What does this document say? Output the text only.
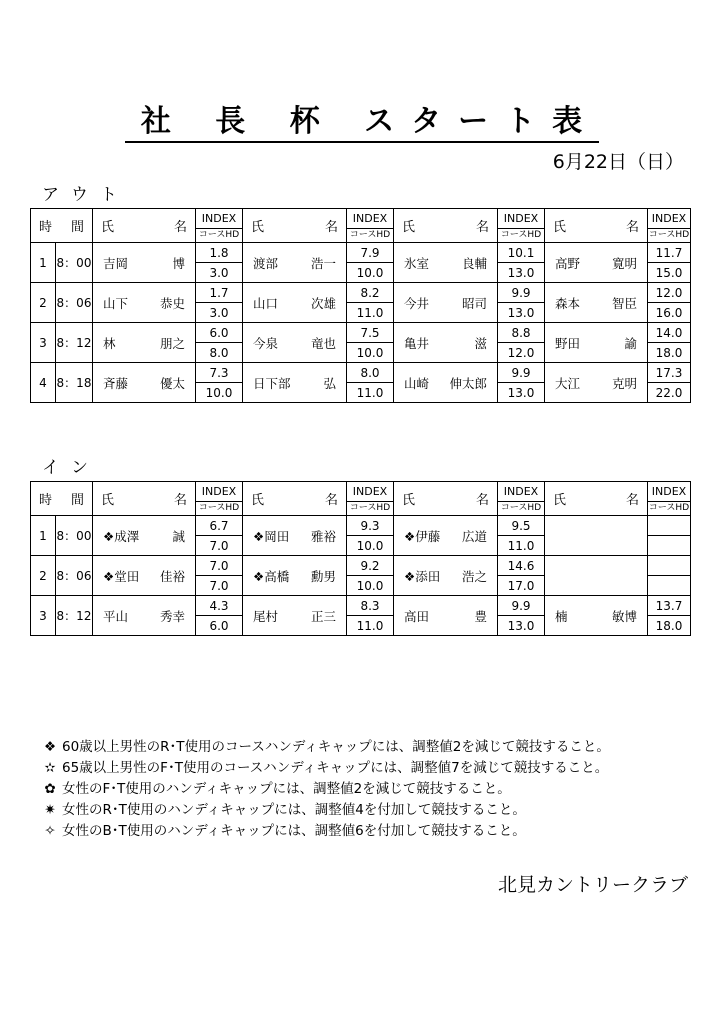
社 長 杯 スタート表
6月22日（日）
アウト
時 間		氏 名	INDEX	氏 名	INDEX	氏 名	INDEX	氏 名	INDEX
			コースHD		コースHD		コースHD		コースHD
1	8：00	吉岡 博	1.8	渡部 浩一	7.9	氷室 良輔	10.1	高野 寛明	11.7
			3.0		10.0		13.0		15.0
2	8：06	山下 恭史	1.7	山口 次雄	8.2	今井 昭司	9.9	森本 智臣	12.0
			3.0		11.0		13.0		16.0
3	8：12	林 朋之	6.0	今泉 竜也	7.5	亀井 滋	8.8	野田 諭	14.0
			8.0		10.0		12.0		18.0
4	8：18	斉藤 優太	7.3	日下部 弘	8.0	山崎 伸太郎	9.9	大江 克明	17.3
			10.0		11.0		13.0		22.0
イン
時 間		氏 名	INDEX	氏 名	INDEX	氏 名	INDEX	氏 名	INDEX
			コースHD		コースHD		コースHD		コースHD
1	8：00	❖成澤 誠	6.7	❖岡田 雅裕	9.3	❖伊藤 広道	9.5	

			7.0		10.0		11.0		
2	8：06	❖堂田 佳裕	7.0	❖高橋 勳男	9.2	❖添田 浩之	14.6	

			7.0		10.0		17.0		
3	8：12	平山 秀幸	4.3	尾村 正三	8.3	高田 豊	9.9	楠 敏博	13.7
			6.0		11.0		13.0		18.0
❖ 60歳以上男性のR･T使用のコースハンディキャップには、調整値2を減じて競技すること。
✫ 65歳以上男性のF･T使用のコースハンディキャップには、調整値7を減じて競技すること。
✿ 女性のF･T使用のハンディキャップには、調整値2を減じて競技すること。
✷ 女性のR･T使用のハンディキャップには、調整値4を付加して競技すること。
✧ 女性のB･T使用のハンディキャップには、調整値6を付加して競技すること。
北見カントリークラブ
